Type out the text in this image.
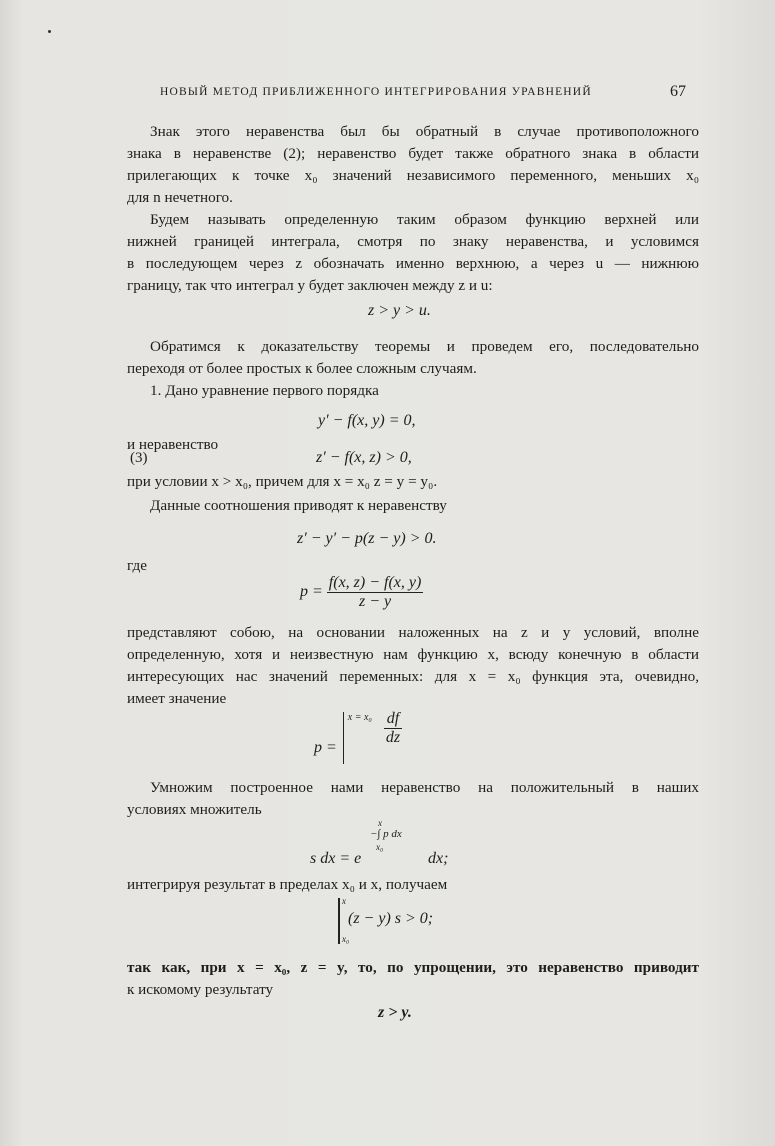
НОВЫЙ МЕТОД ПРИБЛИЖЕННОГО ИНТЕГРИРОВАНИЯ УРАВНЕНИЙ	67
Знак этого неравенства был бы обратный в случае противоположного
знака в неравенстве (2); неравенство будет также обратного знака в области
прилегающих к точке x₀ значений независимого переменного, меньших x₀
для n нечетного.
Будем называть определенную таким образом функцию верхней или
нижней границей интеграла, смотря по знаку неравенства, и условимся
в последующем через z обозначать именно верхнюю, а через u — нижнюю
границу, так что интеграл y будет заключен между z и u:
z > y > u.
Обратимся к доказательству теоремы и проведем его, последовательно
переходя от более простых к более сложным случаям.
1. Дано уравнение первого порядка
y′ − f(x, y) = 0,
и неравенство
(3)	z′ − f(x, z) > 0,
при условии x > x₀, причем для x = x₀ z = y = y₀.
Данные соотношения приводят к неравенству
z′ − y′ − p(z − y) > 0.
где
$p = \frac{f(x, z) - f(x, y)}{z - y}$
представляют собою, на основании наложенных на z и y условий, вполне
определенную, хотя и неизвестную нам функцию x, всюду конечную в области
интересующих нас значений переменных: для x = x₀ функция эта, очевидно,
имеет значение
$p = x = x_0 \frac{df}{dz}$
Умножим построенное нами неравенство на положительный в наших
условиях множитель
s dx = e
−∫ p dx
x
x₀
dx;
интегрируя результат в пределах x₀ и x, получаем
x
x₀
(z − y) s > 0;
так как, при x = x₀, z = y, то, по упрощении, это неравенство приводит
к искомому результату
z > y.
